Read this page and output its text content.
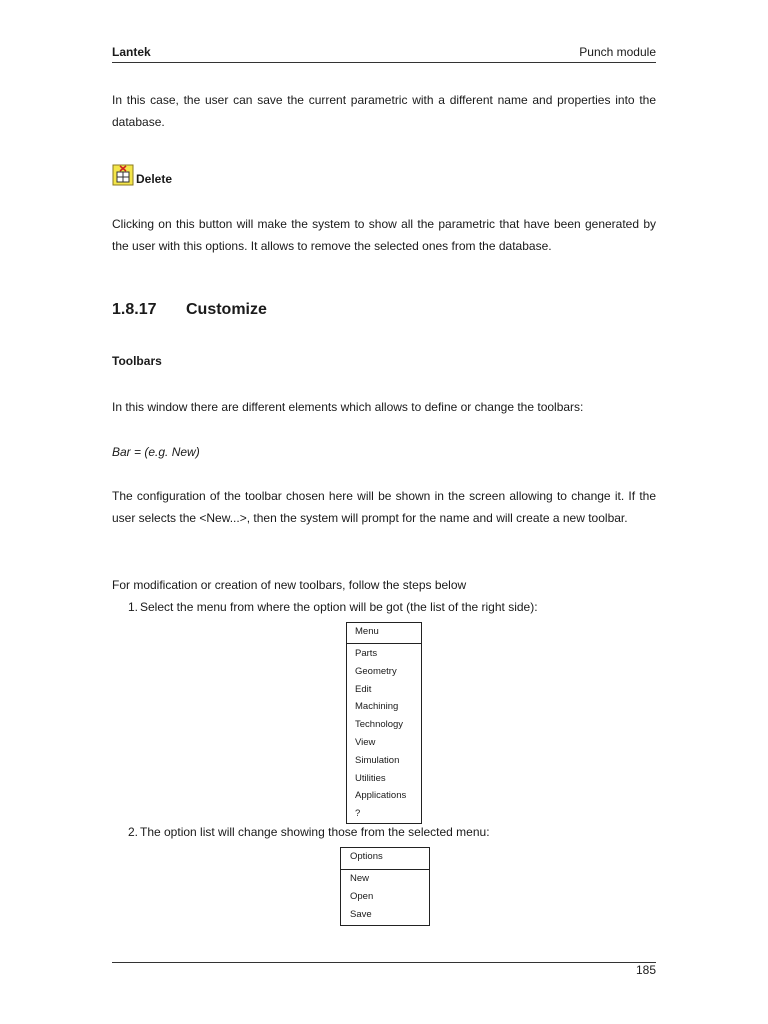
Lantek	Punch module
In this case, the user can save the current parametric with a different name and properties into the database.
Delete
Clicking on this button will make the system to show all the parametric that have been generated by the user with this options. It allows to remove the selected ones from the database.
1.8.17 Customize
Toolbars
In this window there are different elements which allows to define or change the toolbars:
Bar = (e.g. New)
The configuration of the toolbar chosen here will be shown in the screen allowing to change it. If the user selects the <New...>, then the system will prompt for the name and will create a new toolbar.
For modification or creation of new toolbars, follow the steps below
1. Select the menu from where the option will be got (the list of the right side):
Menu
Parts
Geometry
Edit
Machining
Technology
View
Simulation
Utilities
Applications
?
2. The option list will change showing those from the selected menu:
Options
New
Open
Save
185
